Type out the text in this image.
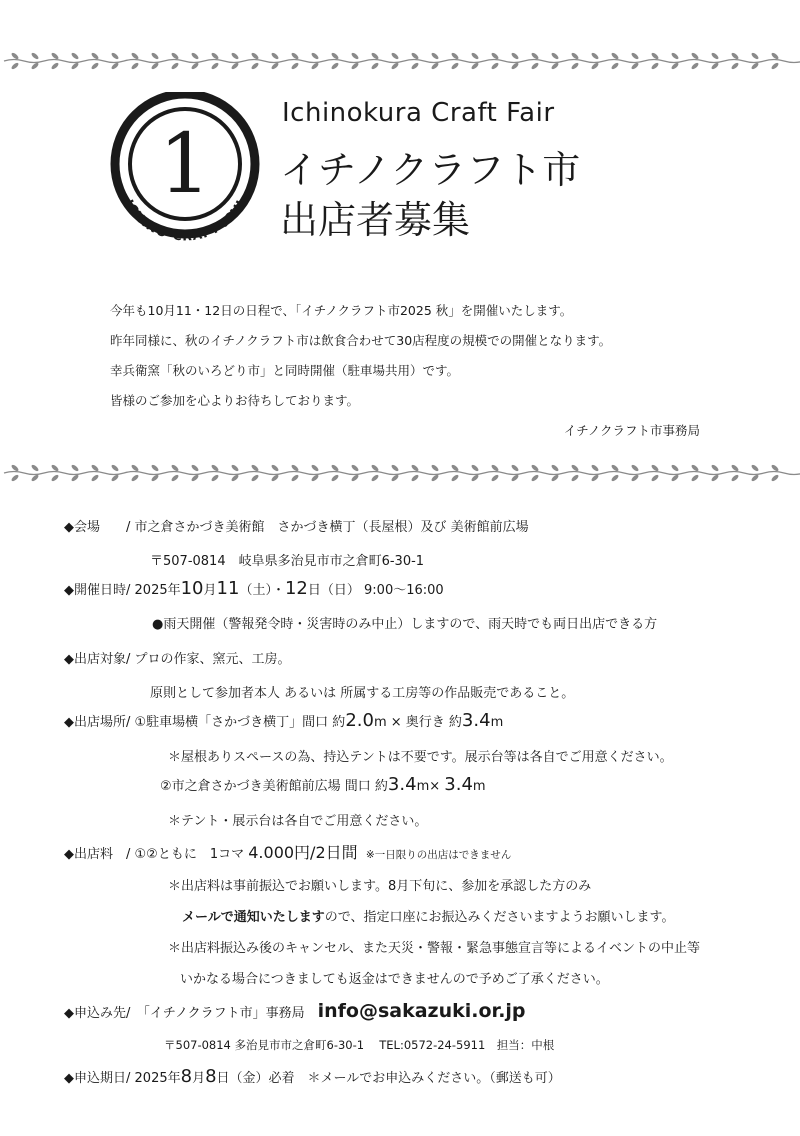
1
ICHINO-CRAFT-ICHI
Ichinokura Craft Fair
イチノクラフト市
出店者募集

今年も10月11・12日の日程で、「イチノクラフト市2025 秋」を開催いたします。

昨年同様に、秋のイチノクラフト市は飲食合わせて30店程度の規模での開催となります。

幸兵衛窯「秋のいろどり市」と同時開催（駐車場共用）です。

皆様のご参加を心よりお待ちしております。

イチノクラフト市事務局

◆会場　　/ 市之倉さかづき美術館　さかづき横丁（長屋根）及び 美術館前広場
〒507-0814　岐阜県多治見市市之倉町6-30-1
◆開催日時/ 2025年10月11（土）・12日（日） 9:00～16:00
●雨天開催（警報発令時・災害時のみ中止）しますので、雨天時でも両日出店できる方
◆出店対象/ プロの作家、窯元、工房。
原則として参加者本人 あるいは 所属する工房等の作品販売であること。
◆出店場所/ ①駐車場横「さかづき横丁」間口 約2.0m × 奥行き 約3.4m
＊屋根ありスペースの為、持込テントは不要です。展示台等は各自でご用意ください。
②市之倉さかづき美術館前広場 間口 約3.4m× 3.4m
＊テント・展示台は各自でご用意ください。
◆出店料　/ ①②ともに　1コマ 4.000円/2日間 ※一日限りの出店はできません
＊出店料は事前振込でお願いします。8月下旬に、参加を承認した方のみ
メールで通知いたしますので、指定口座にお振込みくださいますようお願いします。
＊出店料振込み後のキャンセル、また天災・警報・緊急事態宣言等によるイベントの中止等
いかなる場合につきましても返金はできませんので予めご了承ください。
◆申込み先/　「イチノクラフト市」事務局　info@sakazuki.or.jp
〒507-0814 多治見市市之倉町6-30-1　 TEL:0572-24-5911　担当：中根
◆申込期日/ 2025年8月8日（金）必着　＊メールでお申込みください。（郵送も可）
